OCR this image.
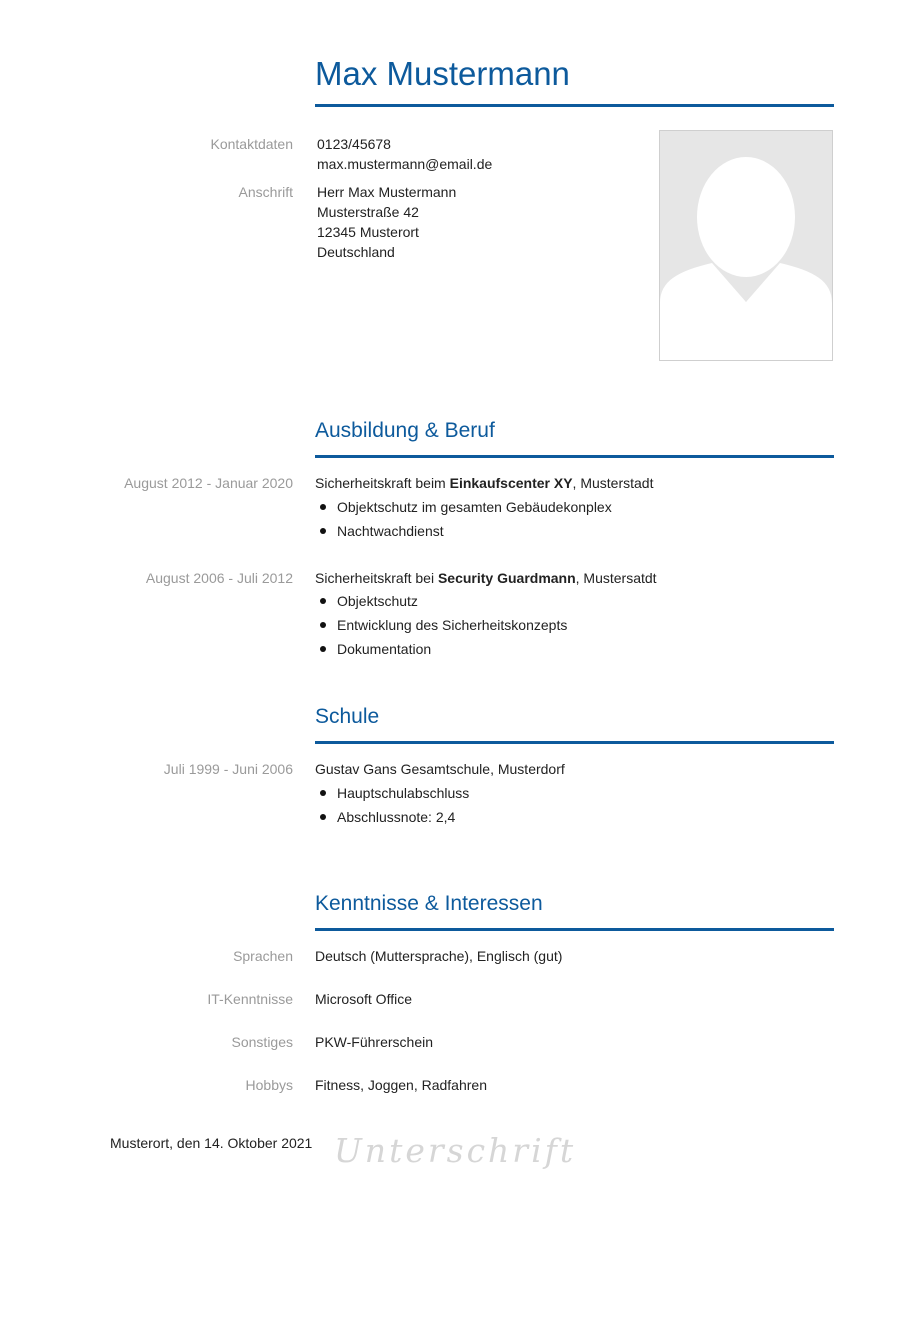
Max Mustermann
Kontaktdaten 0123/45678
max.mustermann@email.de
Anschrift Herr Max Mustermann
Musterstraße 42
12345 Musterort
Deutschland
Ausbildung & Beruf
August 2012 - Januar 2020 Sicherheitskraft beim Einkaufscenter XY, Musterstadt
Objektschutz im gesamten Gebäudekonplex
Nachtwachdienst
August 2006 - Juli 2012 Sicherheitskraft bei Security Guardmann, Mustersatdt
Objektschutz
Entwicklung des Sicherheitskonzepts
Dokumentation
Schule
Juli 1999 - Juni 2006 Gustav Gans Gesamtschule, Musterdorf
Hauptschulabschluss
Abschlussnote: 2,4
Kenntnisse & Interessen
Sprachen Deutsch (Muttersprache), Englisch (gut)
IT-Kenntnisse Microsoft Office
Sonstiges PKW-Führerschein
Hobbys Fitness, Joggen, Radfahren
Musterort, den 14. Oktober 2021 Unterschrift
